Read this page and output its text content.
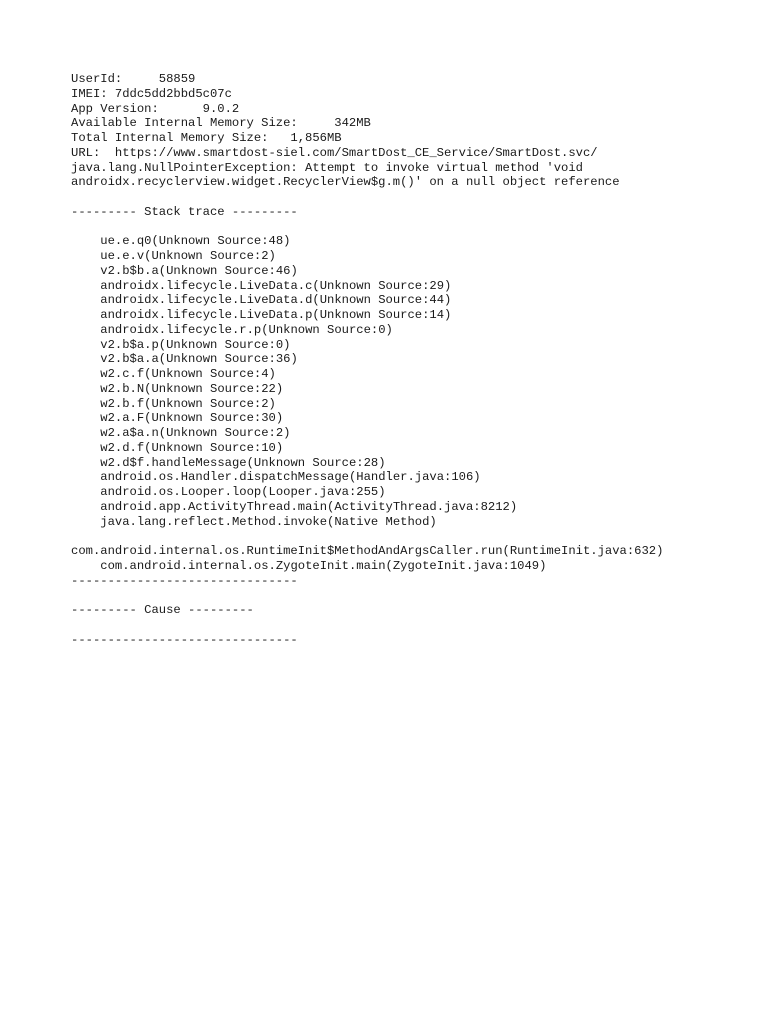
UserId:     58859
IMEI: 7ddc5dd2bbd5c07c
App Version:      9.0.2
Available Internal Memory Size:     342MB
Total Internal Memory Size:   1,856MB
URL:  https://www.smartdost-siel.com/SmartDost_CE_Service/SmartDost.svc/
java.lang.NullPointerException: Attempt to invoke virtual method 'void
androidx.recyclerview.widget.RecyclerView$g.m()' on a null object reference
--------- Stack trace ---------
ue.e.q0(Unknown Source:48)
ue.e.v(Unknown Source:2)
v2.b$b.a(Unknown Source:46)
androidx.lifecycle.LiveData.c(Unknown Source:29)
androidx.lifecycle.LiveData.d(Unknown Source:44)
androidx.lifecycle.LiveData.p(Unknown Source:14)
androidx.lifecycle.r.p(Unknown Source:0)
v2.b$a.p(Unknown Source:0)
v2.b$a.a(Unknown Source:36)
w2.c.f(Unknown Source:4)
w2.b.N(Unknown Source:22)
w2.b.f(Unknown Source:2)
w2.a.F(Unknown Source:30)
w2.a$a.n(Unknown Source:2)
w2.d.f(Unknown Source:10)
w2.d$f.handleMessage(Unknown Source:28)
android.os.Handler.dispatchMessage(Handler.java:106)
android.os.Looper.loop(Looper.java:255)
android.app.ActivityThread.main(ActivityThread.java:8212)
java.lang.reflect.Method.invoke(Native Method)
com.android.internal.os.RuntimeInit$MethodAndArgsCaller.run(RuntimeInit.java:632)
com.android.internal.os.ZygoteInit.main(ZygoteInit.java:1049)
-------------------------------
--------- Cause ---------
-------------------------------
